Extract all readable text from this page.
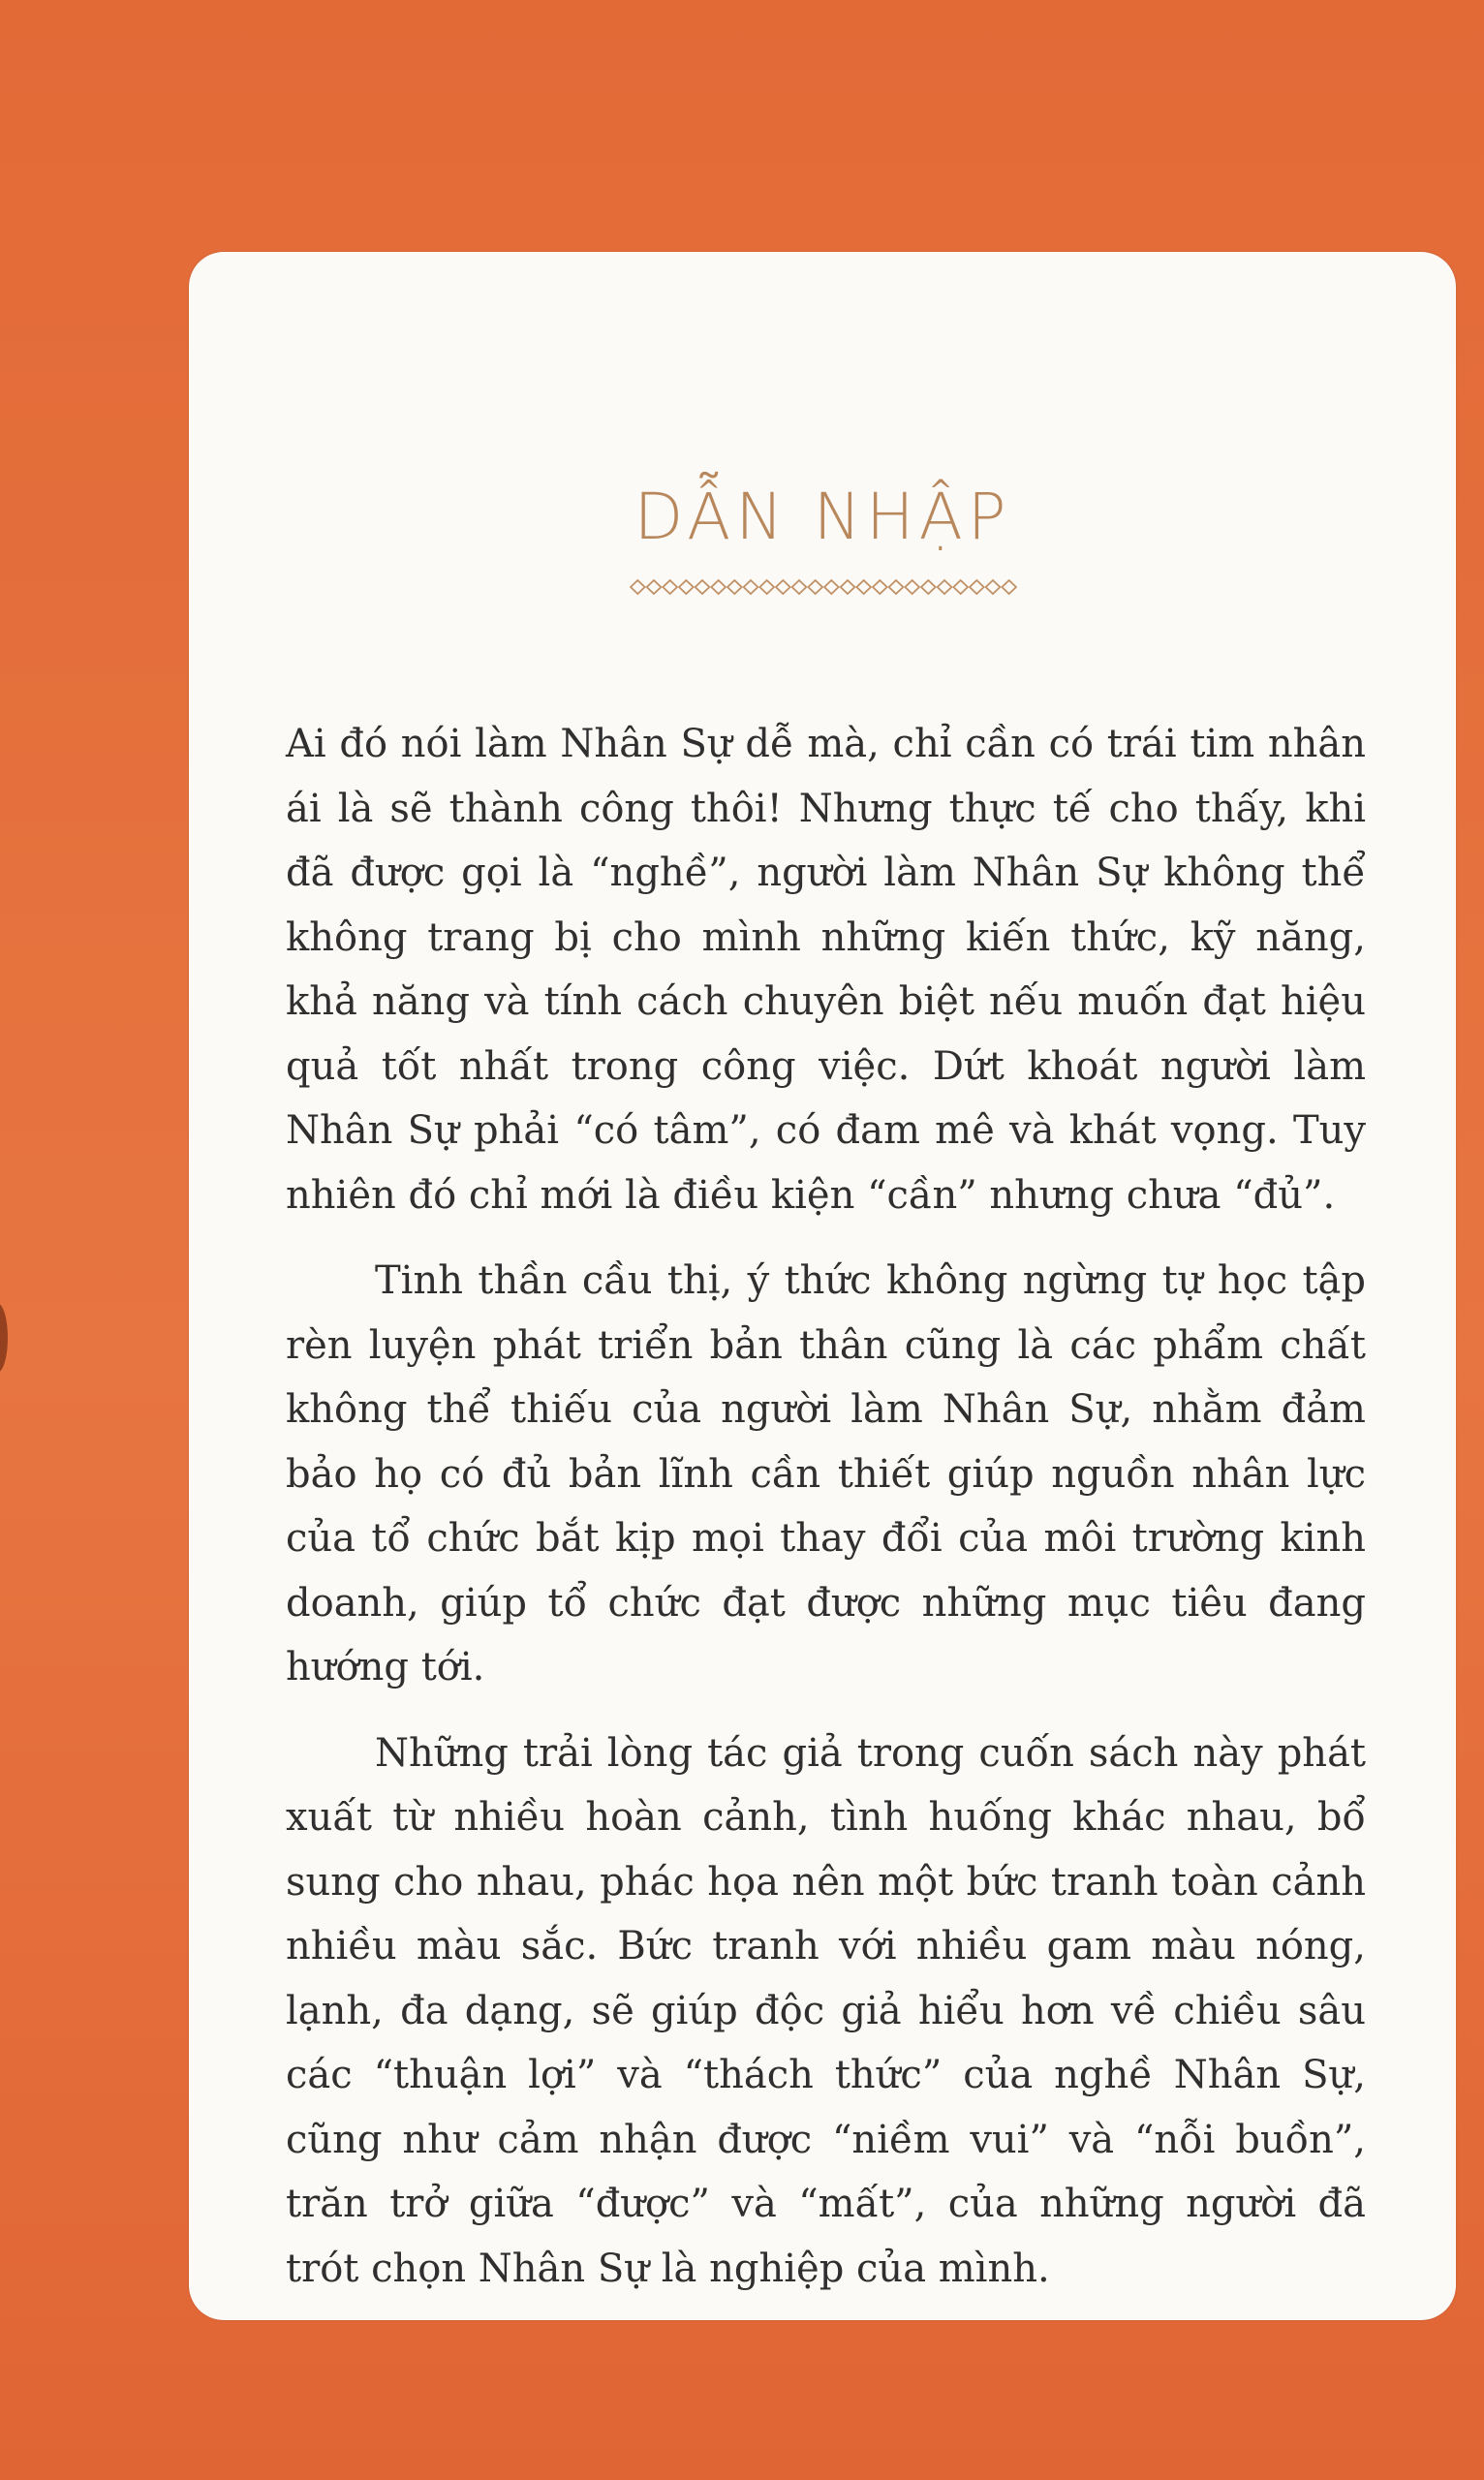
DẪN NHẬP

Ai đó nói làm Nhân Sự dễ mà, chỉ cần có trái tim nhân ái là sẽ thành công thôi! Nhưng thực tế cho thấy, khi đã được gọi là “nghề”, người làm Nhân Sự không thể không trang bị cho mình những kiến thức, kỹ năng, khả năng và tính cách chuyên biệt nếu muốn đạt hiệu quả tốt nhất trong công việc. Dứt khoát người làm Nhân Sự phải “có tâm”, có đam mê và khát vọng. Tuy nhiên đó chỉ mới là điều kiện “cần” nhưng chưa “đủ”.

Tinh thần cầu thị, ý thức không ngừng tự học tập rèn luyện phát triển bản thân cũng là các phẩm chất không thể thiếu của người làm Nhân Sự, nhằm đảm bảo họ có đủ bản lĩnh cần thiết giúp nguồn nhân lực của tổ chức bắt kịp mọi thay đổi của môi trường kinh doanh, giúp tổ chức đạt được những mục tiêu đang hướng tới.

Những trải lòng tác giả trong cuốn sách này phát xuất từ nhiều hoàn cảnh, tình huống khác nhau, bổ sung cho nhau, phác họa nên một bức tranh toàn cảnh nhiều màu sắc. Bức tranh với nhiều gam màu nóng, lạnh, đa dạng, sẽ giúp độc giả hiểu hơn về chiều sâu các “thuận lợi” và “thách thức” của nghề Nhân Sự, cũng như cảm nhận được “niềm vui” và “nỗi buồn”, trăn trở giữa “được” và “mất”, của những người đã trót chọn Nhân Sự là nghiệp của mình.
